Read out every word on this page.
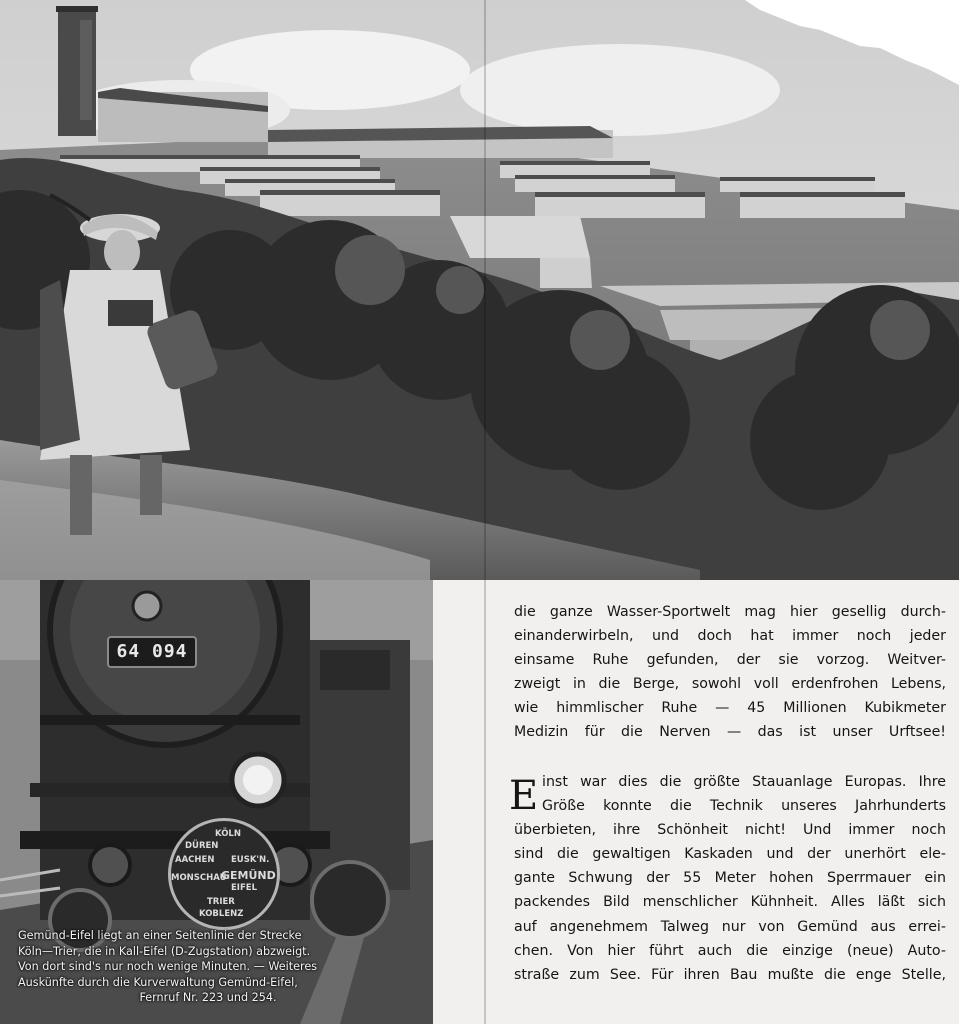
64 094
KÖLN
DÜREN
AACHEN EUSK'N.
MONSCHAU
GEMÜND
EIFEL
TRIER
KOBLENZ
Gemünd-Eifel liegt an einer Seitenlinie der Strecke
Köln—Trier, die in Kall-Eifel (D-Zugstation) abzweigt.
Von dort sind's nur noch wenige Minuten. — Weiteres
Auskünfte durch die Kurverwaltung Gemünd-Eifel,
Fernruf Nr. 223 und 254.

die ganze Wasser-Sportwelt mag hier gesellig durch-
einanderwirbeln, und doch hat immer noch jeder
einsame Ruhe gefunden, der sie vorzog. Weitver-
zweigt in die Berge, sowohl voll erdenfrohen Lebens,
wie himmlischer Ruhe — 45 Millionen Kubikmeter
Medizin für die Nerven — das ist unser Urftsee!

E inst war dies die größte Stauanlage Europas. Ihre
Größe konnte die Technik unseres Jahrhunderts
überbieten, ihre Schönheit nicht! Und immer noch
sind die gewaltigen Kaskaden und der unerhört ele-
gante Schwung der 55 Meter hohen Sperrmauer ein
packendes Bild menschlicher Kühnheit. Alles läßt sich
auf angenehmem Talweg nur von Gemünd aus errei-
chen. Von hier führt auch die einzige (neue) Auto-
straße zum See. Für ihren Bau mußte die enge Stelle,
